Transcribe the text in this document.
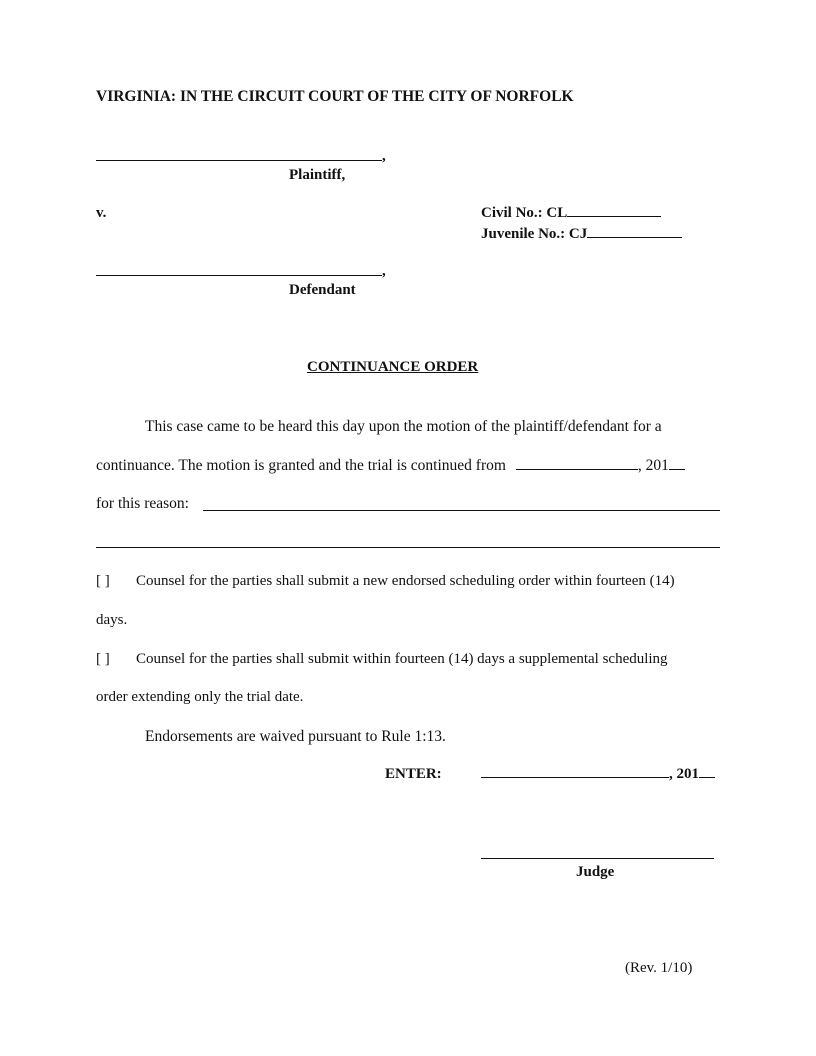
VIRGINIA: IN THE CIRCUIT COURT OF THE CITY OF NORFOLK
,
Plaintiff,
v.	Civil No.: CL
Juvenile No.: CJ
,
Defendant
CONTINUANCE ORDER
This case came to be heard this day upon the motion of the plaintiff/defendant for a
continuance. The motion is granted and the trial is continued from	, 201
for this reason:
[ ] Counsel for the parties shall submit a new endorsed scheduling order within fourteen (14)
days.
[ ] Counsel for the parties shall submit within fourteen (14) days a supplemental scheduling
order extending only the trial date.
Endorsements are waived pursuant to Rule 1:13.
ENTER:	, 201
Judge
(Rev. 1/10)
